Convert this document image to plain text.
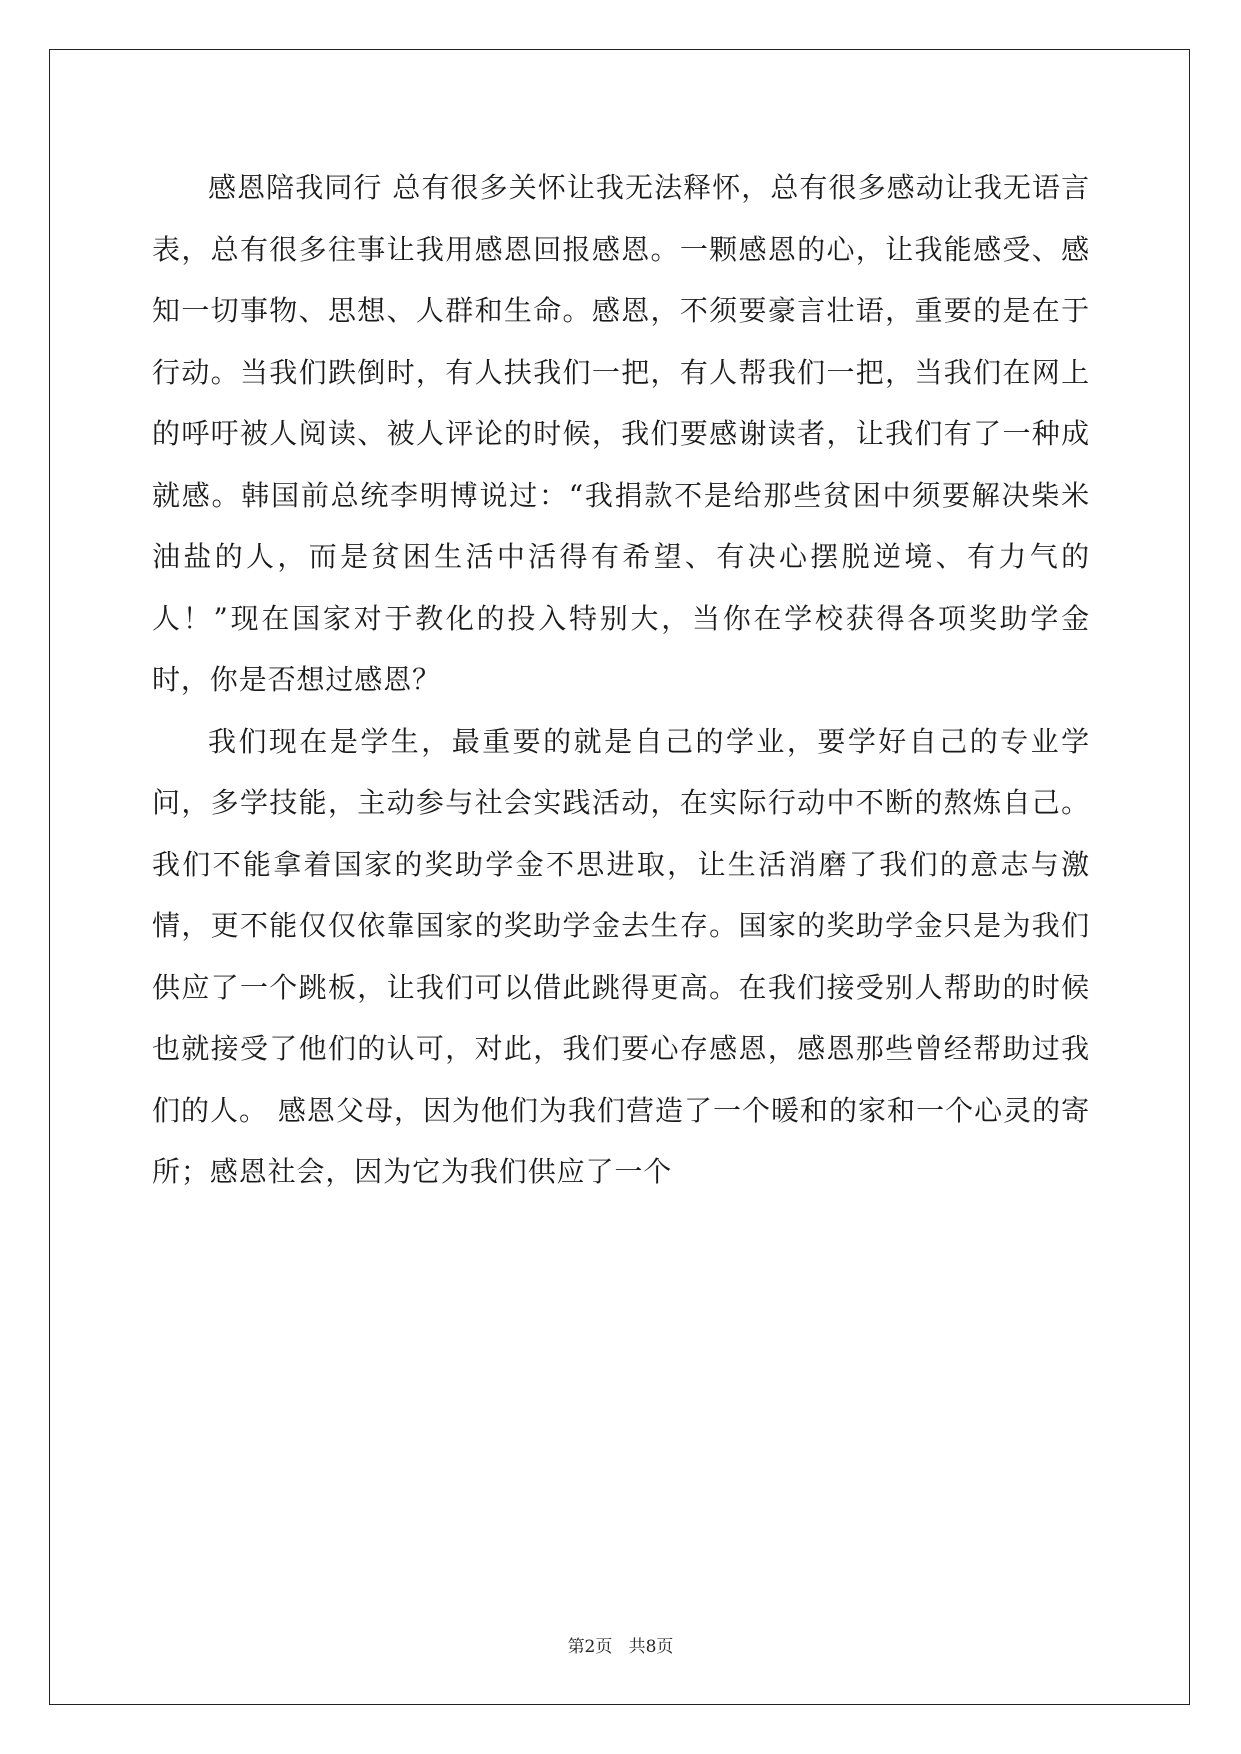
感恩陪我同行 总有很多关怀让我无法释怀，总有很多感动让我无语言表，总有很多往事让我用感恩回报感恩。一颗感恩的心，让我能感受、感知一切事物、思想、人群和生命。感恩，不须要豪言壮语，重要的是在于行动。当我们跌倒时，有人扶我们一把，有人帮我们一把，当我们在网上的呼吁被人阅读、被人评论的时候，我们要感谢读者，让我们有了一种成就感。韩国前总统李明博说过：“我捐款不是给那些贫困中须要解决柴米油盐的人，而是贫困生活中活得有希望、有决心摆脱逆境、有力气的人！”现在国家对于教化的投入特别大，当你在学校获得各项奖助学金时，你是否想过感恩？

我们现在是学生，最重要的就是自己的学业，要学好自己的专业学问，多学技能，主动参与社会实践活动，在实际行动中不断的熬炼自己。我们不能拿着国家的奖助学金不思进取，让生活消磨了我们的意志与激情，更不能仅仅依靠国家的奖助学金去生存。国家的奖助学金只是为我们供应了一个跳板，让我们可以借此跳得更高。在我们接受别人帮助的时候也就接受了他们的认可，对此，我们要心存感恩，感恩那些曾经帮助过我们的人。 感恩父母，因为他们为我们营造了一个暖和的家和一个心灵的寄所；感恩社会，因为它为我们供应了一个

第2页 共8页
